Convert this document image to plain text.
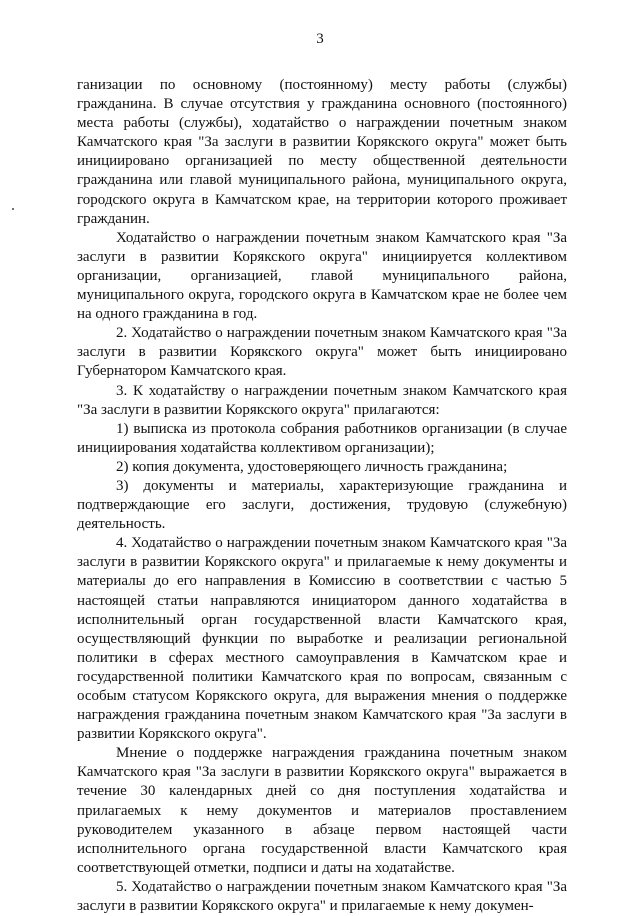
3

ганизации по основному (постоянному) месту работы (службы) гражданина. В случае отсутствия у гражданина основного (постоянного) места работы (службы), ходатайство о награждении почетным знаком Камчатского края "За заслуги в развитии Корякского округа" может быть инициировано организацией по месту общественной деятельности гражданина или главой муниципального района, муниципального округа, городского округа в Камчатском крае, на территории которого проживает гражданин.

Ходатайство о награждении почетным знаком Камчатского края "За заслуги в развитии Корякского округа" инициируется коллективом организации, организацией, главой муниципального района, муниципального округа, городского округа в Камчатском крае не более чем на одного гражданина в год.

2. Ходатайство о награждении почетным знаком Камчатского края "За заслуги в развитии Корякского округа" может быть инициировано Губернатором Камчатского края.

3. К ходатайству о награждении почетным знаком Камчатского края "За заслуги в развитии Корякского округа" прилагаются:

1) выписка из протокола собрания работников организации (в случае инициирования ходатайства коллективом организации);

2) копия документа, удостоверяющего личность гражданина;

3) документы и материалы, характеризующие гражданина и подтверждающие его заслуги, достижения, трудовую (служебную) деятельность.

4. Ходатайство о награждении почетным знаком Камчатского края "За заслуги в развитии Корякского округа" и прилагаемые к нему документы и материалы до его направления в Комиссию в соответствии с частью 5 настоящей статьи направляются инициатором данного ходатайства в исполнительный орган государственной власти Камчатского края, осуществляющий функции по выработке и реализации региональной политики в сферах местного самоуправления в Камчатском крае и государственной политики Камчатского края по вопросам, связанным с особым статусом Корякского округа, для выражения мнения о поддержке награждения гражданина почетным знаком Камчатского края "За заслуги в развитии Корякского округа".

Мнение о поддержке награждения гражданина почетным знаком Камчатского края "За заслуги в развитии Корякского округа" выражается в течение 30 календарных дней со дня поступления ходатайства и прилагаемых к нему документов и материалов проставлением руководителем указанного в абзаце первом настоящей части исполнительного органа государственной власти Камчатского края соответствующей отметки, подписи и даты на ходатайстве.

5. Ходатайство о награждении почетным знаком Камчатского края "За заслуги в развитии Корякского округа" и прилагаемые к нему докумен-
